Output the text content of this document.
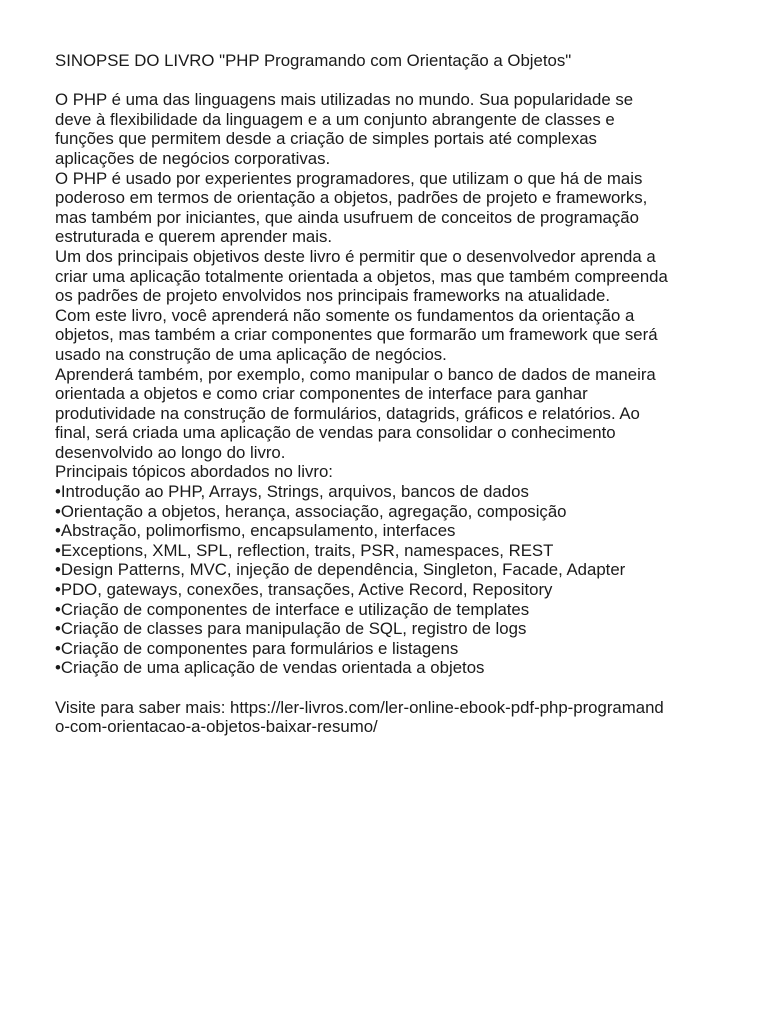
SINOPSE DO LIVRO "PHP Programando com Orientação a Objetos"
O PHP é uma das linguagens mais utilizadas no mundo. Sua popularidade se
deve à flexibilidade da linguagem e a um conjunto abrangente de classes e
funções que permitem desde a criação de simples portais até complexas
aplicações de negócios corporativas.
O PHP é usado por experientes programadores, que utilizam o que há de mais
poderoso em termos de orientação a objetos, padrões de projeto e frameworks,
mas também por iniciantes, que ainda usufruem de conceitos de programação
estruturada e querem aprender mais.
Um dos principais objetivos deste livro é permitir que o desenvolvedor aprenda a
criar uma aplicação totalmente orientada a objetos, mas que também compreenda
os padrões de projeto envolvidos nos principais frameworks na atualidade.
Com este livro, você aprenderá não somente os fundamentos da orientação a
objetos, mas também a criar componentes que formarão um framework que será
usado na construção de uma aplicação de negócios.
Aprenderá também, por exemplo, como manipular o banco de dados de maneira
orientada a objetos e como criar componentes de interface para ganhar
produtividade na construção de formulários, datagrids, gráficos e relatórios. Ao
final, será criada uma aplicação de vendas para consolidar o conhecimento
desenvolvido ao longo do livro.
Principais tópicos abordados no livro:
•Introdução ao PHP, Arrays, Strings, arquivos, bancos de dados
•Orientação a objetos, herança, associação, agregação, composição
•Abstração, polimorfismo, encapsulamento, interfaces
•Exceptions, XML, SPL, reflection, traits, PSR, namespaces, REST
•Design Patterns, MVC, injeção de dependência, Singleton, Facade, Adapter
•PDO, gateways, conexões, transações, Active Record, Repository
•Criação de componentes de interface e utilização de templates
•Criação de classes para manipulação de SQL, registro de logs
•Criação de componentes para formulários e listagens
•Criação de uma aplicação de vendas orientada a objetos
Visite para saber mais: https://ler-livros.com/ler-online-ebook-pdf-php-programand
o-com-orientacao-a-objetos-baixar-resumo/
